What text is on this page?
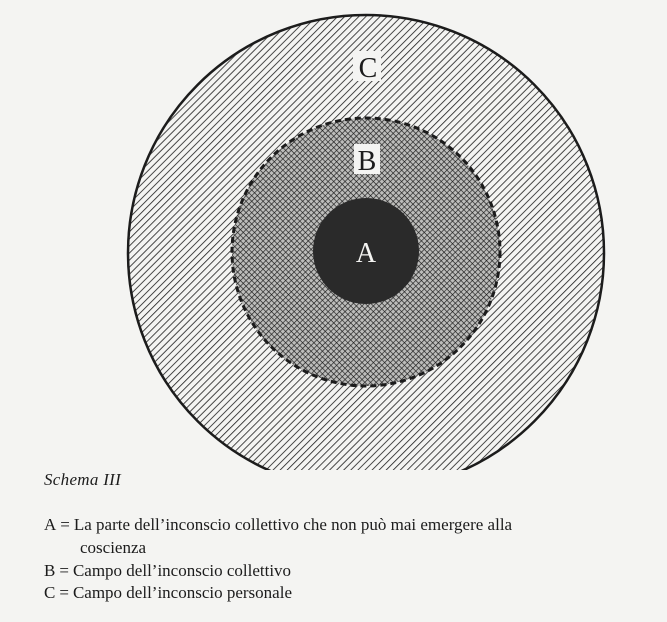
C
B
A
Schema III
A = La parte dell’inconscio collettivo che non può mai emergere alla
coscienza
B = Campo dell’inconscio collettivo
C = Campo dell’inconscio personale
